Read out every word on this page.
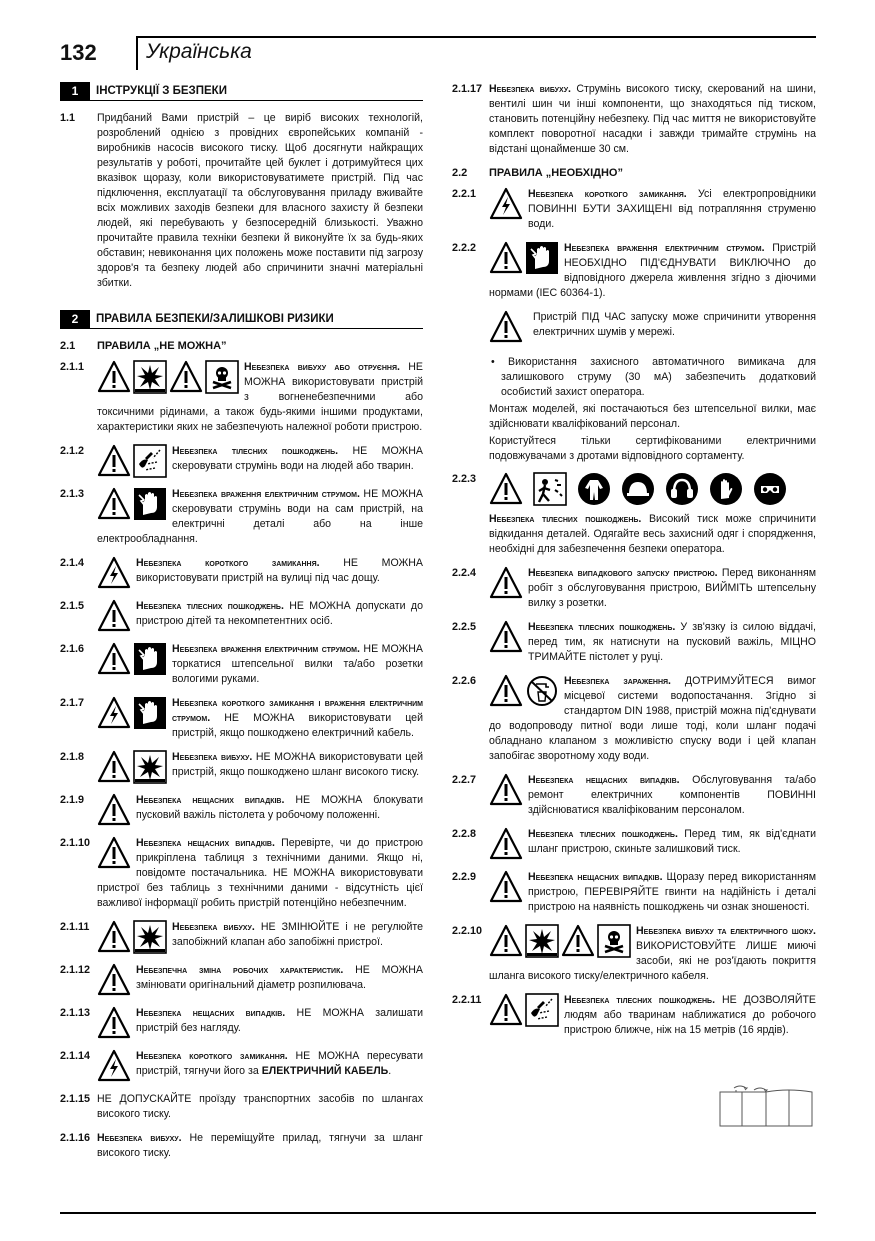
132 Українська
1	ІНСТРУКЦІЇ З БЕЗПЕКИ
1.1	Придбаний Вами пристрій – це виріб високих технологій, розроблений однією з провідних європейських компаній - виробників насосів високого тиску. Щоб досягнути найкращих результатів у роботі, прочитайте цей буклет і дотримуйтеся цих вказівок щоразу, коли використовуватимете пристрій. Під час підключення, експлуатації та обслуговування приладу вживайте всіх можливих заходів безпеки для власного захисту й безпеки людей, які перебувають у безпосередній близькості. Уважно прочитайте правила техніки безпеки й виконуйте їх за будь-яких обставин; невиконання цих положень може поставити під загрозу здоров'я та безпеку людей або спричинити значні матеріальні збитки.
2	ПРАВИЛА БЕЗПЕКИ/ЗАЛИШКОВІ РИЗИКИ
2.1	ПРАВИЛА „НЕ МОЖНА”
2.1.1	Небезпека вибуху або отруєння. НЕ МОЖНА використовувати пристрій з вогненебезпечними або токсичними рідинами, а також будь-якими іншими продуктами, характеристики яких не забезпечують належної роботи пристрою.
2.1.2	Небезпека тілесних пошкоджень. НЕ МОЖНА скеровувати струмінь води на людей або тварин.
2.1.3	Небезпека враження електричним струмом. НЕ МОЖНА скеровувати струмінь води на сам пристрій, на електричні деталі або на інше електрообладнання.
2.1.4	Небезпека короткого замикання. НЕ МОЖНА використовувати пристрій на вулиці під час дощу.
2.1.5	Небезпека тілесних пошкоджень. НЕ МОЖНА допускати до пристрою дітей та некомпетентних осіб.
2.1.6	Небезпека враження електричним струмом. НЕ МОЖНА торкатися штепсельної вилки та/або розетки вологими руками.
2.1.7	Небезпека короткого замикання і враження електричним струмом. НЕ МОЖНА використовувати цей пристрій, якщо пошкоджено електричний кабель.
2.1.8	Небезпека вибуху. НЕ МОЖНА використовувати цей пристрій, якщо пошкоджено шланг високого тиску.
2.1.9	Небезпека нещасних випадків. НЕ МОЖНА блокувати пусковий важіль пістолета у робочому положенні.
2.1.10	Небезпека нещасних випадків. Перевірте, чи до пристрою прикріплена таблиця з технічними даними. Якщо ні, повідомте постачальника. НЕ МОЖНА використовувати пристрої без таблиць з технічними даними - відсутність цієї важливої інформації робить пристрій потенційно небезпечним.
2.1.11	Небезпека вибуху. НЕ ЗМІНЮЙТЕ і не регулюйте запобіжний клапан або запобіжні пристрої.
2.1.12	Небезпечна зміна робочих характеристик. НЕ МОЖНА змінювати оригінальний діаметр розпилювача.
2.1.13	Небезпека нещасних випадків. НЕ МОЖНА залишати пристрій без нагляду.
2.1.14	Небезпека короткого замикання. НЕ МОЖНА пересувати пристрій, тягнучи його за ЕЛЕКТРИЧНИЙ КАБЕЛЬ.
2.1.15 НЕ ДОПУСКАЙТЕ проїзду транспортних засобів по шлангах високого тиску.
2.1.16 Небезпека вибуху. Не переміщуйте прилад, тягнучи за шланг високого тиску.
2.1.17 Небезпека вибуху. Струмінь високого тиску, скерований на шини, вентилі шин чи інші компоненти, що знаходяться під тиском, становить потенційну небезпеку. Під час миття не використовуйте комплект поворотної насадки і завжди тримайте струмінь на відстані щонайменше 30 см.
2.2	ПРАВИЛА „НЕОБХІДНО”
2.2.1	Небезпека короткого замикання. Усі електропровідники ПОВИННІ БУТИ ЗАХИЩЕНІ від потрапляння струменю води.
2.2.2	Небезпека враження електричним струмом. Пристрій НЕОБХІДНО ПІД'ЄДНУВАТИ ВИКЛЮЧНО до відповідного джерела живлення згідно з діючими нормами (IEC 60364-1).
Пристрій ПІД ЧАС запуску може спричинити утворення електричних шумів у мережі.
• Використання захисного автоматичного вимикача для залишкового струму (30 мА) забезпечить додатковий особистий захист оператора.
Монтаж моделей, які постачаються без штепсельної вилки, має здійснювати кваліфікований персонал.
Користуйтеся тільки сертифікованими електричними подовжувачами з дротами відповідного сортаменту.
2.2.3
Небезпека тілесних пошкоджень. Високий тиск може спричинити відкидання деталей. Одягайте весь захисний одяг і спорядження, необхідні для забезпечення безпеки оператора.
2.2.4	Небезпека випадкового запуску пристрою. Перед виконанням робіт з обслуговування пристрою, ВИЙМІТЬ штепсельну вилку з розетки.
2.2.5	Небезпека тілесних пошкоджень. У зв'язку із силою віддачі, перед тим, як натиснути на пусковий важіль, МІЦНО ТРИМАЙТЕ пістолет у руці.
2.2.6	Небезпека зараження. ДОТРИМУЙТЕСЯ вимог місцевої системи водопостачання. Згідно зі стандартом DIN 1988, пристрій можна під'єднувати до водопроводу питної води лише тоді, коли шланг подачі обладнано клапаном з можливістю спуску води і цей клапан запобігає зворотному ходу води.
2.2.7	Небезпека нещасних випадків. Обслуговування та/або ремонт електричних компонентів ПОВИННІ здійснюватися кваліфікованим персоналом.
2.2.8	Небезпека тілесних пошкоджень. Перед тим, як від'єднати шланг пристрою, скиньте залишковий тиск.
2.2.9	Небезпека нещасних випадків. Щоразу перед використанням пристрою, ПЕРЕВІРЯЙТЕ гвинти на надійність і деталі пристрою на наявність пошкоджень чи ознак зношеності.
2.2.10	Небезпека вибуху та електричного шоку. ВИКОРИСТОВУЙТЕ ЛИШЕ миючі засоби, які не роз'їдають покриття шланга високого тиску/електричного кабеля.
2.2.11	Небезпека тілесних пошкоджень. НЕ ДОЗВОЛЯЙТЕ людям або тваринам наближатися до робочого пристрою ближче, ніж на 15 метрів (16 ярдів).
